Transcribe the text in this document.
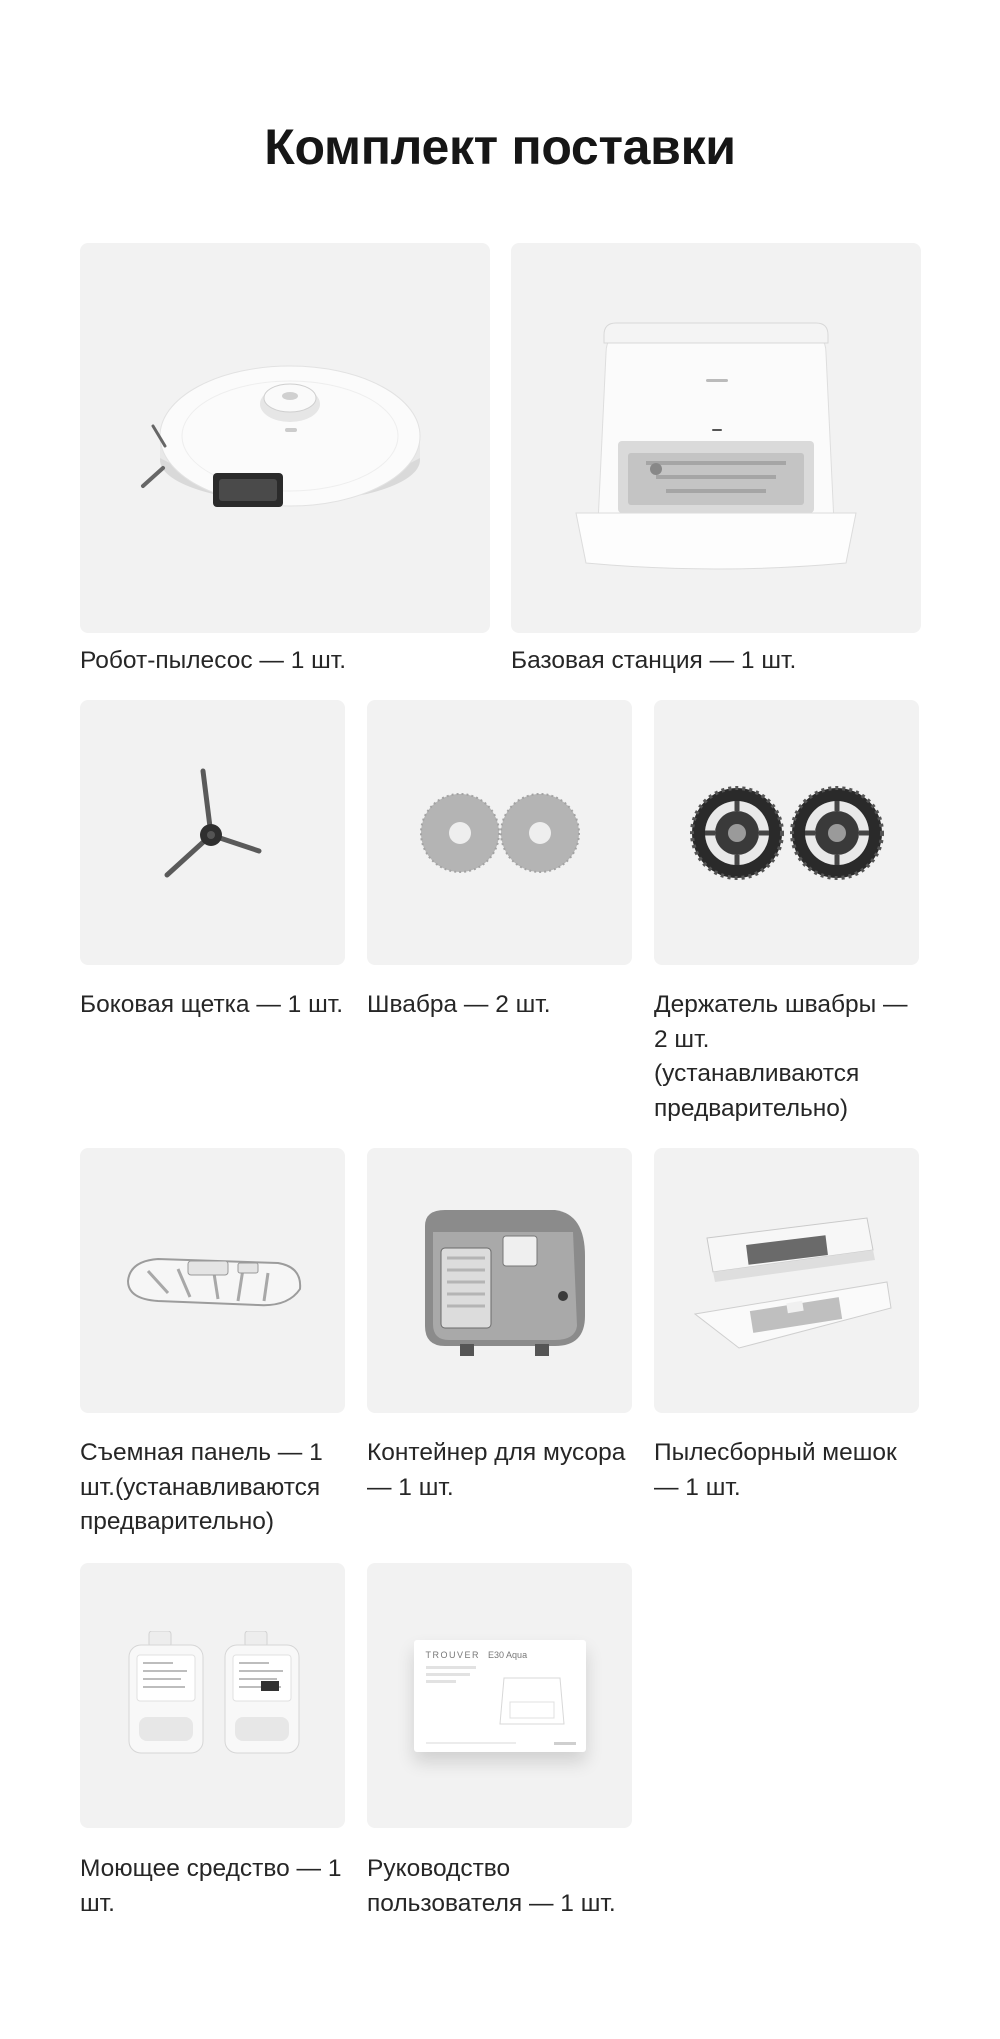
Комплект поставки
Робот-пылесос — 1 шт.	Базовая станция — 1 шт.
Боковая щетка — 1 шт. Швабра — 2 шт.	Держатель швабры — 2 шт. (устанавливаются предварительно)
Съемная панель — 1 шт.(устанавливаются предварительно)
Контейнер для мусора — 1 шт.
Пылесборный мешок — 1 шт.
Моющее средство — 1 шт.
TROUVER E30 Aqua
Руководство пользователя — 1 шт.
